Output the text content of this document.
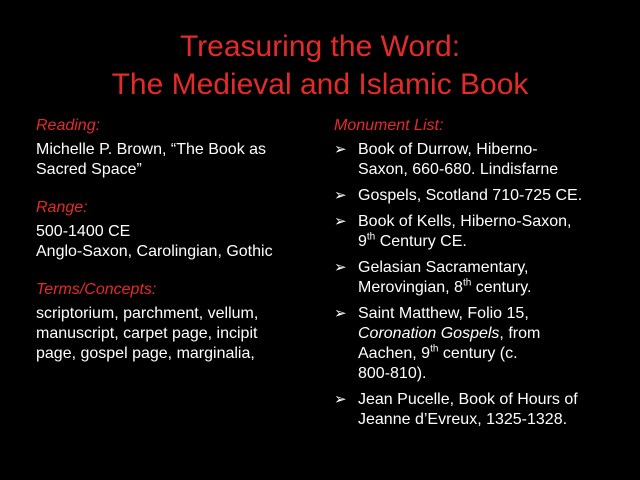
Treasuring the Word:
The Medieval and Islamic Book
Reading:
Michelle P. Brown, “The Book as
Sacred Space”
Range:
500-1400 CE
Anglo-Saxon, Carolingian, Gothic
Terms/Concepts:
scriptorium, parchment, vellum,
manuscript, carpet page, incipit
page, gospel page, marginalia,
Monument List:
➢ Book of Durrow, Hiberno-
Saxon, 660-680. Lindisfarne
➢ Gospels, Scotland 710-725 CE.
➢ Book of Kells, Hiberno-Saxon,
9th Century CE.
➢ Gelasian Sacramentary,
Merovingian, 8th century.
➢ Saint Matthew, Folio 15,
Coronation Gospels, from
Aachen, 9th century (c.
800-810).
➢ Jean Pucelle, Book of Hours of
Jeanne d’Evreux, 1325-1328.
